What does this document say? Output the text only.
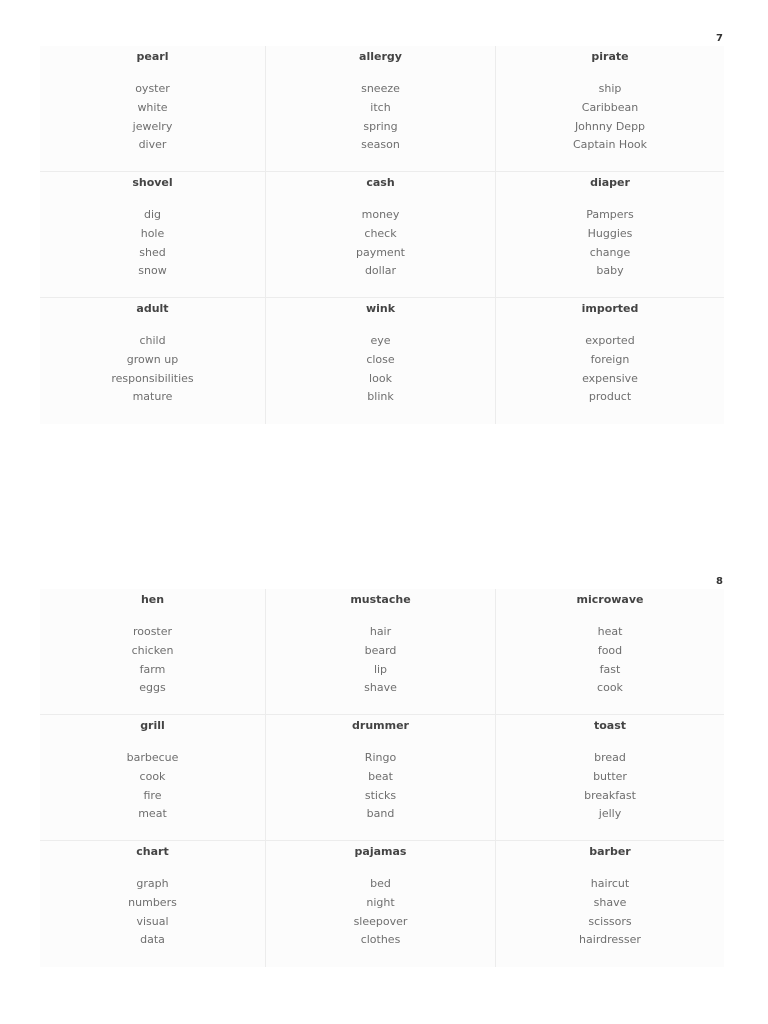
7
pearl
oyster
white
jewelry
diver
allergy
sneeze
itch
spring
season
pirate
ship
Caribbean
Johnny Depp
Captain Hook
shovel
dig
hole
shed
snow
cash
money
check
payment
dollar
diaper
Pampers
Huggies
change
baby
adult
child
grown up
responsibilities
mature
wink
eye
close
look
blink
imported
exported
foreign
expensive
product
8
hen
rooster
chicken
farm
eggs
mustache
hair
beard
lip
shave
microwave
heat
food
fast
cook
grill
barbecue
cook
fire
meat
drummer
Ringo
beat
sticks
band
toast
bread
butter
breakfast
jelly
chart
graph
numbers
visual
data
pajamas
bed
night
sleepover
clothes
barber
haircut
shave
scissors
hairdresser
